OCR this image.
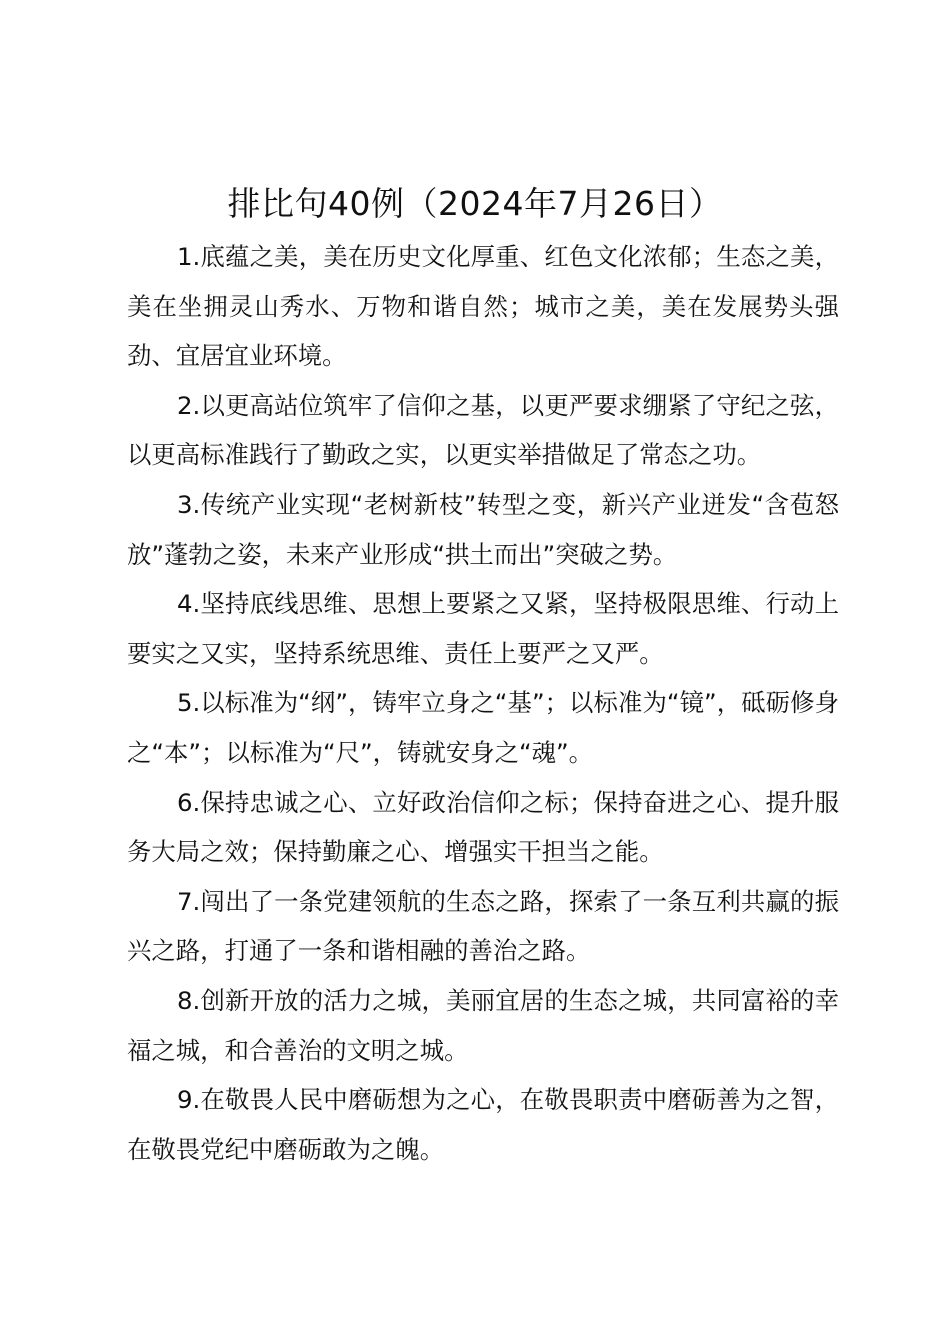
排比句40例（2024年7月26日）

1.底蕴之美，美在历史文化厚重、红色文化浓郁；生态之美，美在坐拥灵山秀水、万物和谐自然；城市之美，美在发展势头强劲、宜居宜业环境。

2.以更高站位筑牢了信仰之基，以更严要求绷紧了守纪之弦，以更高标准践行了勤政之实，以更实举措做足了常态之功。

3.传统产业实现“老树新枝”转型之变，新兴产业迸发“含苞怒放”蓬勃之姿，未来产业形成“拱土而出”突破之势。

4.坚持底线思维、思想上要紧之又紧，坚持极限思维、行动上要实之又实，坚持系统思维、责任上要严之又严。

5.以标准为“纲”，铸牢立身之“基”；以标准为“镜”，砥砺修身之“本”；以标准为“尺”，铸就安身之“魂”。

6.保持忠诚之心、立好政治信仰之标；保持奋进之心、提升服务大局之效；保持勤廉之心、增强实干担当之能。

7.闯出了一条党建领航的生态之路，探索了一条互利共赢的振兴之路，打通了一条和谐相融的善治之路。

8.创新开放的活力之城，美丽宜居的生态之城，共同富裕的幸福之城，和合善治的文明之城。

9.在敬畏人民中磨砺想为之心，在敬畏职责中磨砺善为之智，在敬畏党纪中磨砺敢为之魄。
